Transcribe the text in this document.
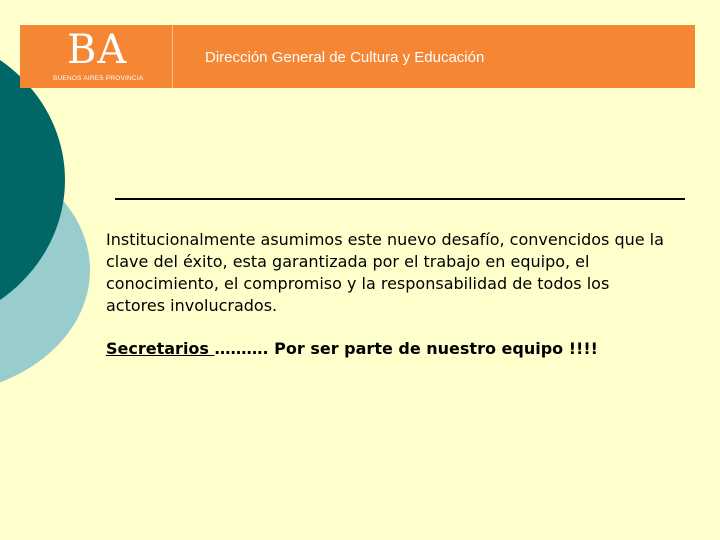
BA
BUENOS AIRES PROVINCIA
Dirección General de Cultura y Educación

Institucionalmente asumimos este nuevo desafío, convencidos que la clave del éxito, esta garantizada por el trabajo en equipo, el conocimiento, el compromiso y la responsabilidad de todos los actores involucrados.

Secretarios ………. Por ser parte de nuestro equipo !!!!
